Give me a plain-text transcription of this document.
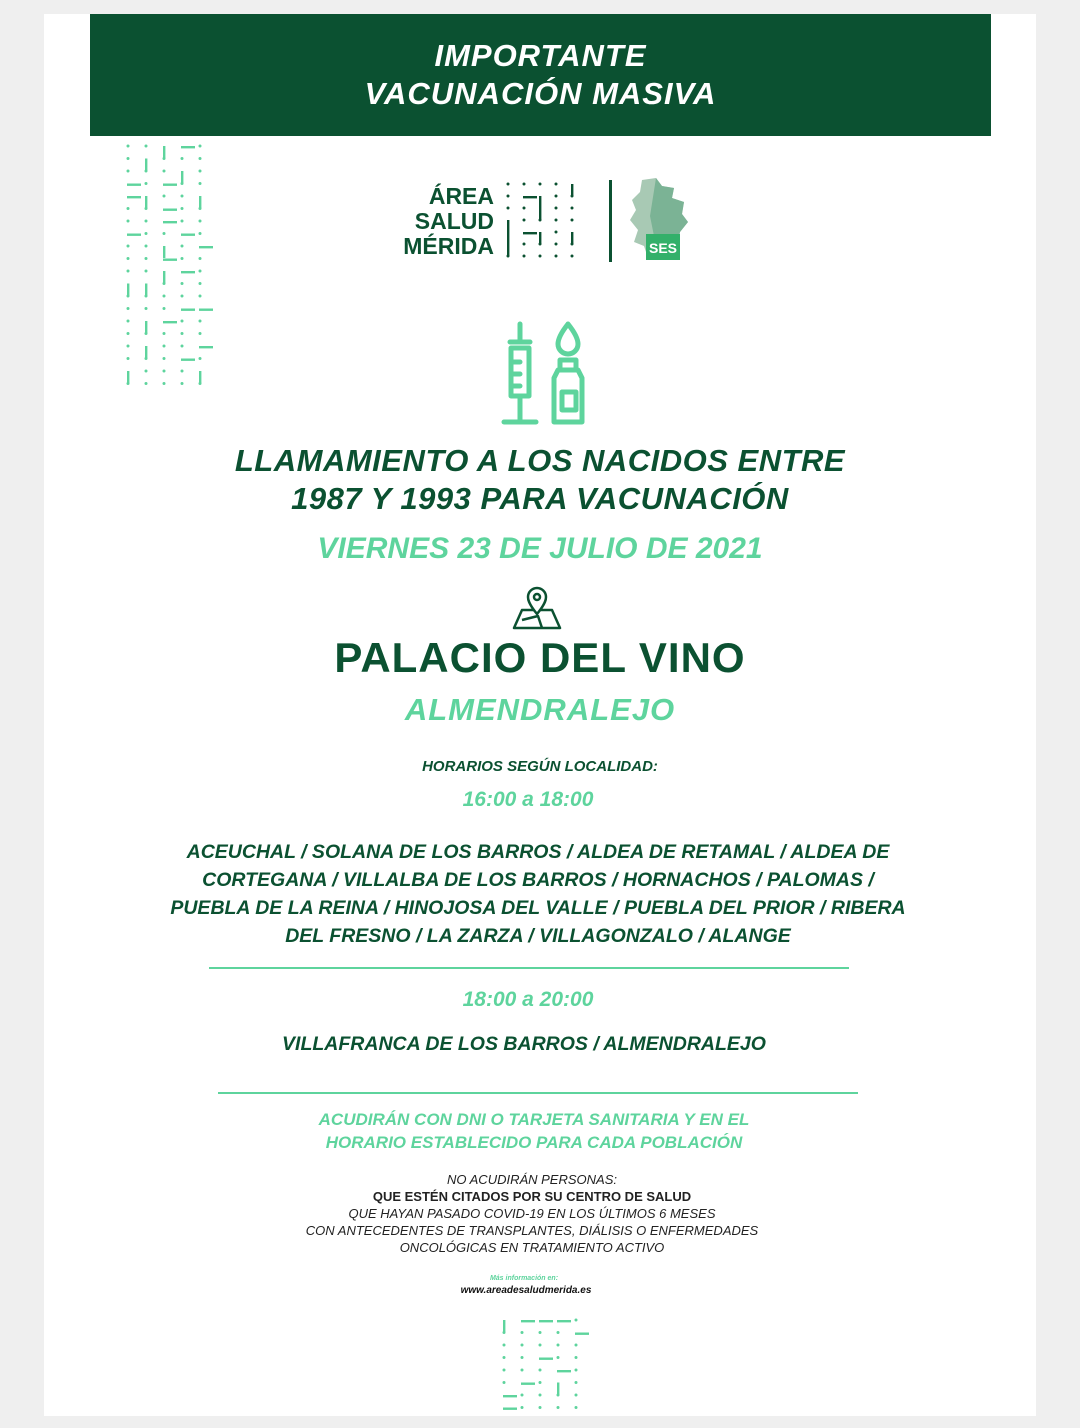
IMPORTANTE
VACUNACIÓN MASIVA
ÁREA
SALUD
MÉRIDA	SES
LLAMAMIENTO A LOS NACIDOS ENTRE
1987 Y 1993 PARA VACUNACIÓN
VIERNES 23 DE JULIO DE 2021
PALACIO DEL VINO
ALMENDRALEJO
HORARIOS SEGÚN LOCALIDAD:
16:00 a 18:00
ACEUCHAL / SOLANA DE LOS BARROS / ALDEA DE RETAMAL / ALDEA DE
CORTEGANA / VILLALBA DE LOS BARROS / HORNACHOS / PALOMAS /
PUEBLA DE LA REINA / HINOJOSA DEL VALLE / PUEBLA DEL PRIOR / RIBERA
DEL FRESNO / LA ZARZA / VILLAGONZALO / ALANGE
18:00 a 20:00
VILLAFRANCA DE LOS BARROS / ALMENDRALEJO
ACUDIRÁN CON DNI O TARJETA SANITARIA Y EN EL
HORARIO ESTABLECIDO PARA CADA POBLACIÓN
NO ACUDIRÁN PERSONAS:
QUE ESTÉN CITADOS POR SU CENTRO DE SALUD
QUE HAYAN PASADO COVID-19 EN LOS ÚLTIMOS 6 MESES
CON ANTECEDENTES DE TRANSPLANTES, DIÁLISIS O ENFERMEDADES
ONCOLÓGICAS EN TRATAMIENTO ACTIVO
Más información en:
www.areadesaludmerida.es
